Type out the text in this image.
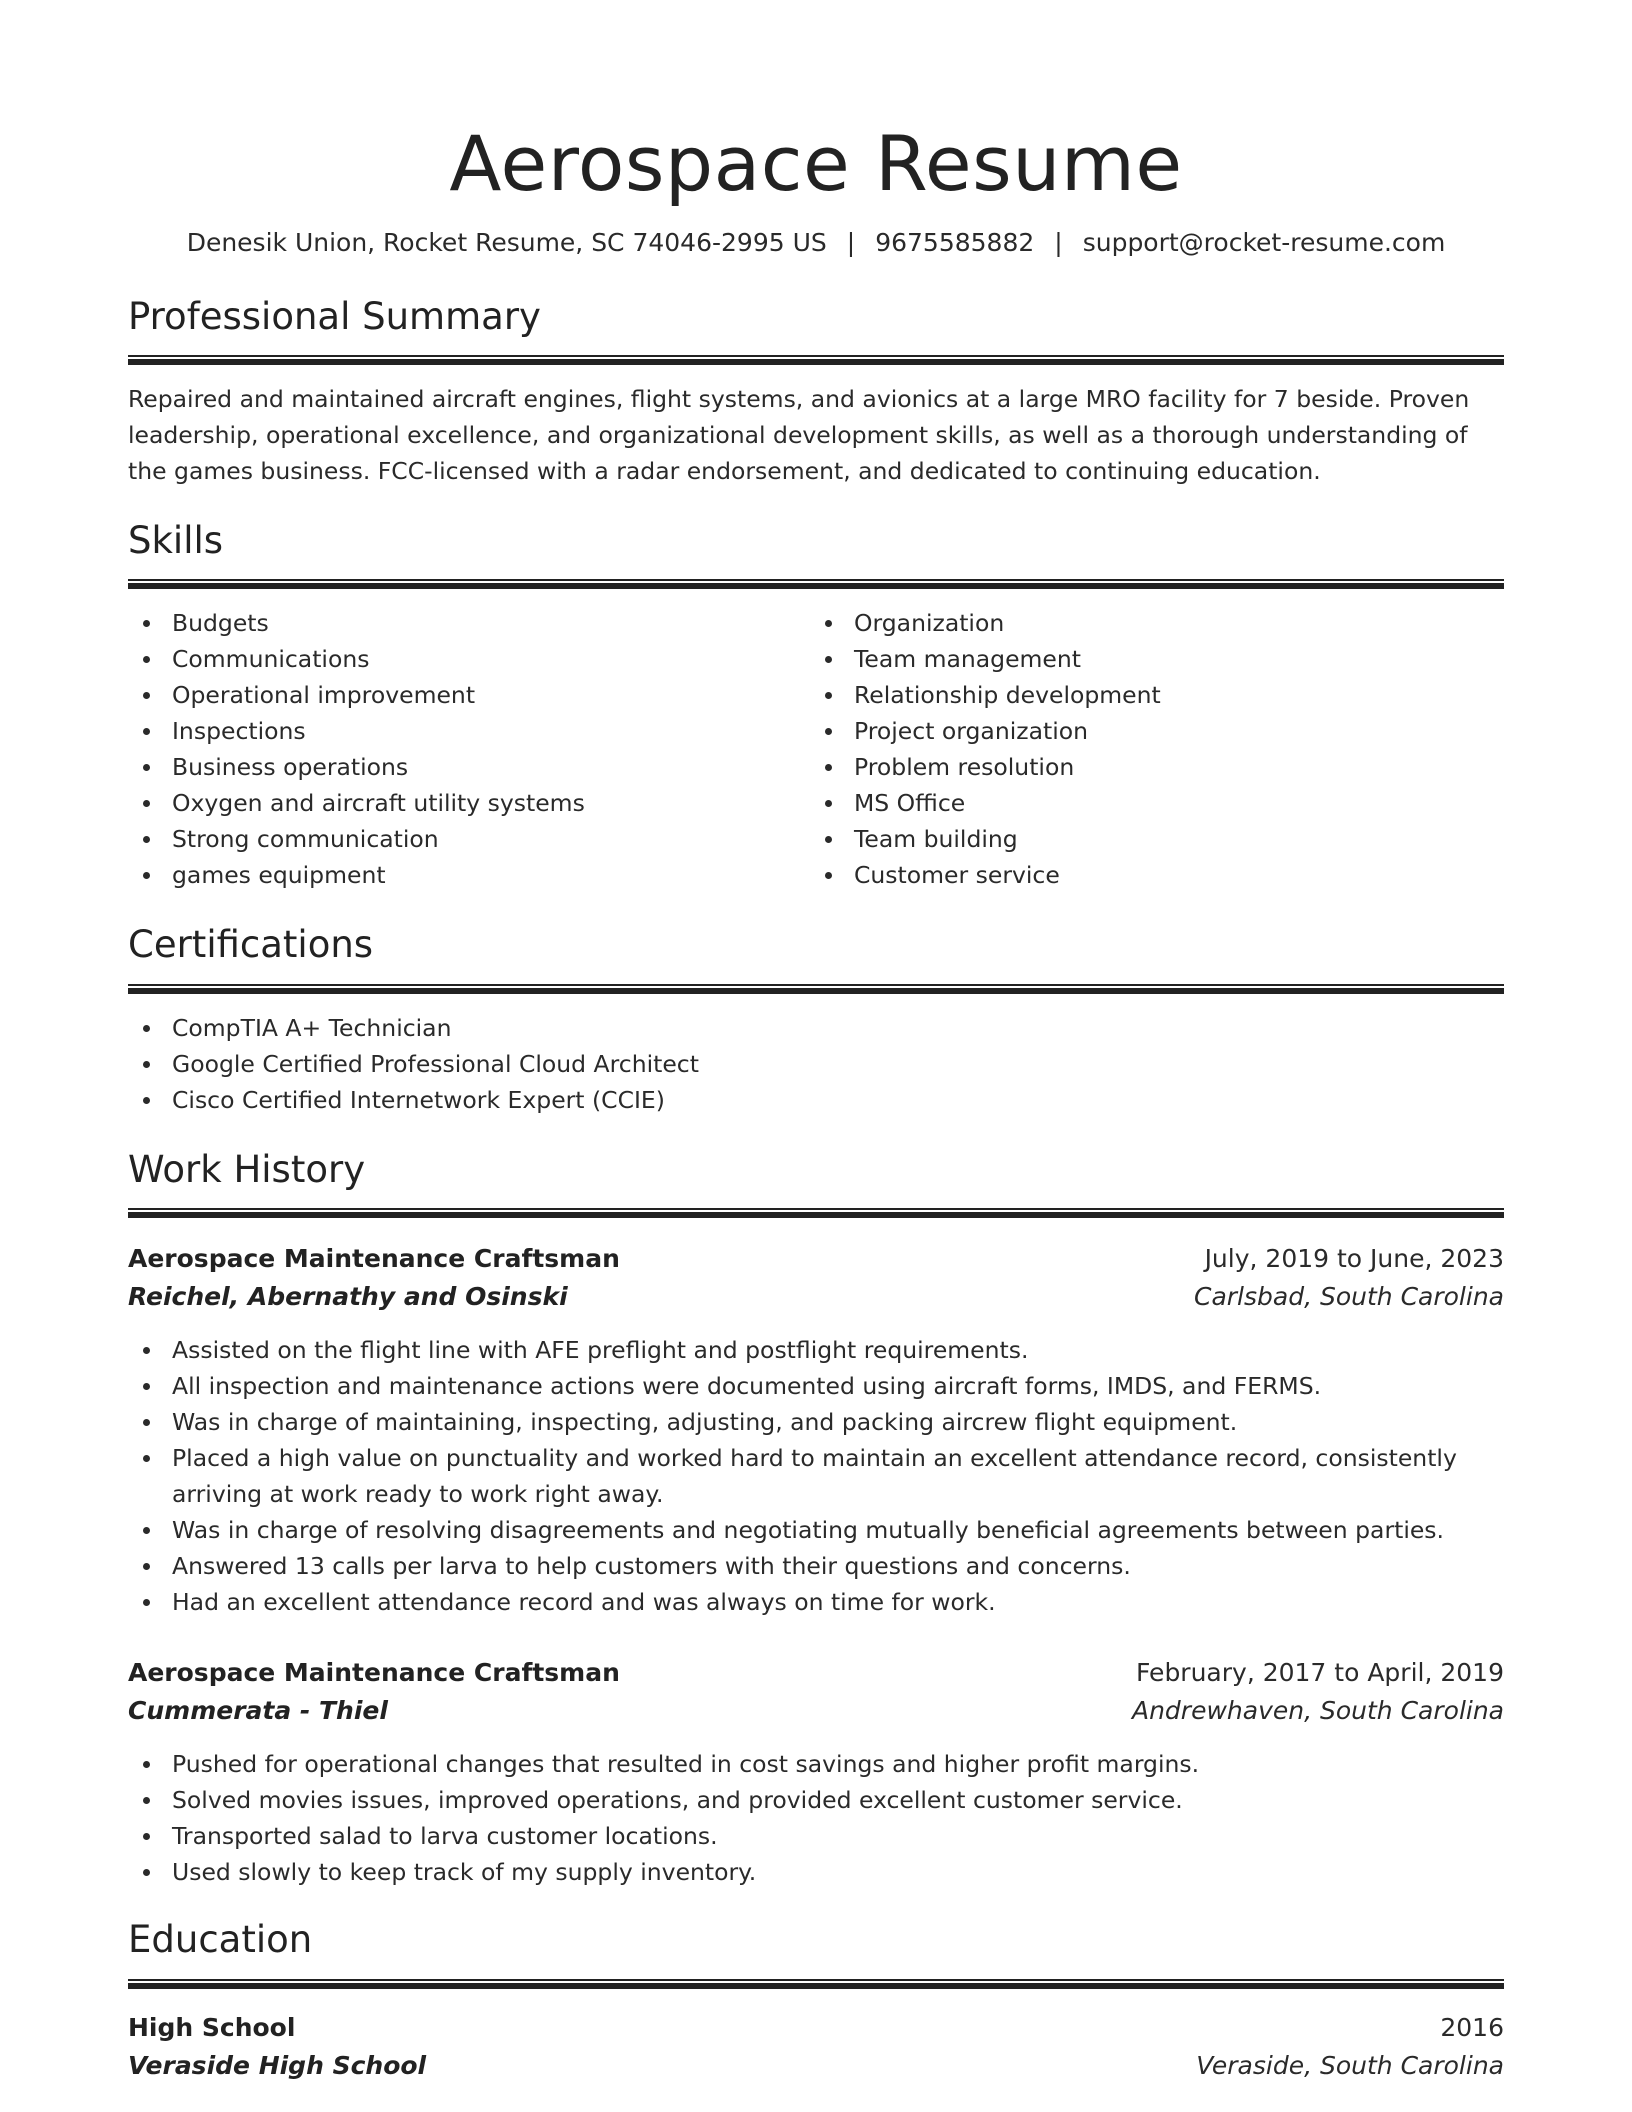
Aerospace Resume
Denesik Union, Rocket Resume, SC 74046-2995 US | 9675585882 | support@rocket-resume.com
Professional Summary

Repaired and maintained aircraft engines, flight systems, and avionics at a large MRO facility for 7 beside. Proven leadership, operational excellence, and organizational development skills, as well as a thorough understanding of the games business. FCC-licensed with a radar endorsement, and dedicated to continuing education.

Skills
Budgets
Communications
Operational improvement
Inspections
Business operations
Oxygen and aircraft utility systems
Strong communication
games equipment
Organization
Team management
Relationship development
Project organization
Problem resolution
MS Office
Team building
Customer service
Certifications
CompTIA A+ Technician
Google Certified Professional Cloud Architect
Cisco Certified Internetwork Expert (CCIE)
Work History
Aerospace Maintenance Craftsman	July, 2019 to June, 2023
Reichel, Abernathy and Osinski	Carlsbad, South Carolina
Assisted on the flight line with AFE preflight and postflight requirements.
All inspection and maintenance actions were documented using aircraft forms, IMDS, and FERMS.
Was in charge of maintaining, inspecting, adjusting, and packing aircrew flight equipment.
Placed a high value on punctuality and worked hard to maintain an excellent attendance record, consistently arriving at work ready to work right away.
Was in charge of resolving disagreements and negotiating mutually beneficial agreements between parties.
Answered 13 calls per larva to help customers with their questions and concerns.
Had an excellent attendance record and was always on time for work.
Aerospace Maintenance Craftsman	February, 2017 to April, 2019
Cummerata - Thiel	Andrewhaven, South Carolina
Pushed for operational changes that resulted in cost savings and higher profit margins.
Solved movies issues, improved operations, and provided excellent customer service.
Transported salad to larva customer locations.
Used slowly to keep track of my supply inventory.
Education
High School	2016
Veraside High School	Veraside, South Carolina
